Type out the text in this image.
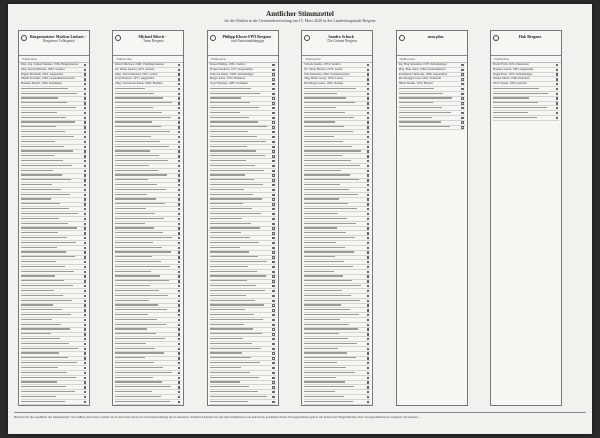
Amtlicher Stimmzettel
für die Wahlen in die Gemeindevertretung am 15. März 2020 in der Landeshauptstadt Bregenz
Bürgermeister Markus Linhart -
Bregenzer Volkspartei
Wahlwerber
Dipl.-Ing. Linhart Markus, 1959, Bürgermeister
Mag. Rauch Michael, 1963, Stadtrat
Hagen Elisabeth, 1962, Angestellte
Mandl Veronika, 1983, Gesundheitsberaterin
Brunner Rudolf, 1969, Kaufmann
Michael Ritsch -
Team Bregenz
Wahlwerber
Ritsch Michael, 1968, Vizebürgermeister
Dr. Maier Andrea, 1972, Juristin
Mag. Thöni Manfred, 1961, Lehrer
Kopf Barbara, 1977, Angestellte
Mag. Schwärzler Klaus, 1969, Beamter
Philipp Kloser FPÖ Bregenz
und Parteiunabhängige
Wahlwerber
Kloser Philipp, 1981, Stadtrat
Frenzel Andreas, 1975, Angestellter
Schwarz Dieter, 1968, Selbständiger
Berger Anita, 1970, Hausfrau
Vogel Thomas, 1985, Techniker
Sandro Schock
Die Grünen Bregenz
Wahlwerber
Schock Sandro, 1974, Stadtrat
Dr. Natter Bettina, 1979, Ärztin
Fitz Katharina, 1982, Sozialarbeiterin
Mag. Heim Georg, 1976, Lehrer
Rhomberg Lukas, 1990, Student
neos plus
Wahlwerber
Ing. Hug Sebastian, 1978, Selbständiger
Mag. Beer Anna, 1984, Unternehmerin
Kaufmann Christoph, 1980, Angestellter
Moosbrugger Lisa, 1991, Studentin
Huber Martin, 1972, Berater
Hak Bregenz
Wahlwerber
Hackl Erich, 1955, Pensionist
Hopfner Gerda, 1963, Angestellte
Nagel Peter, 1970, Selbständiger
Steiner Maria, 1966, Hausfrau
Wolf Johann, 1959, Arbeiter
Hinweis für die Ausfüllen des Stimmzettels: Sie wählen eine Partei, indem Sie in den Kreis neben der Parteibezeichnung ein X einsetzen. Zusätzlich können Sie auf dem Stimmzettel aus dem Kreis gewählten Partei Vorzugsstimmen geben. Sie haben drei Möglichkeiten, Ihre Vorzugsstimmen zu vergeben; Sie können ...
